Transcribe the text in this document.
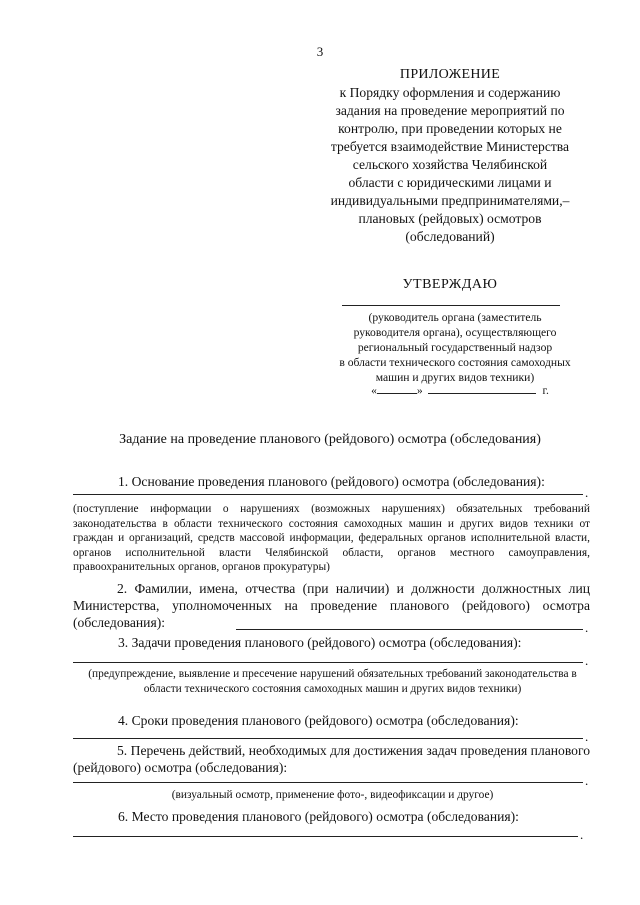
3
ПРИЛОЖЕНИЕ
к Порядку оформления и содержанию
задания на проведение мероприятий по
контролю, при проведении которых не
требуется взаимодействие Министерства
сельского хозяйства Челябинской
области с юридическими лицами и
индивидуальными предпринимателями,–
плановых (рейдовых) осмотров
(обследований)
УТВЕРЖДАЮ
(руководитель органа (заместитель
руководителя органа), осуществляющего
региональный государственный надзор
в области технического состояния самоходных
машин и других видов техники)
«	»	г.
Задание на проведение планового (рейдового) осмотра (обследования)
1. Основание проведения планового (рейдового) осмотра (обследования):
.
(поступление информации о нарушениях (возможных нарушениях) обязательных требований законодательства в области технического состояния самоходных машин и других видов техники от граждан и организаций, средств массовой информации, федеральных органов исполнительной власти, органов исполнительной власти Челябинской области, органов местного самоуправления, правоохранительных органов, органов прокуратуры)
2. Фамилии, имена, отчества (при наличии) и должности должностных лиц Министерства, уполномоченных на проведение планового (рейдового) осмотра (обследования):	.
3. Задачи проведения планового (рейдового) осмотра (обследования):
.
(предупреждение, выявление и пресечение нарушений обязательных требований законодательства в области технического состояния самоходных машин и других видов техники)
4. Сроки проведения планового (рейдового) осмотра (обследования):
.
5. Перечень действий, необходимых для достижения задач проведения планового (рейдового) осмотра (обследования):
.
(визуальный осмотр, применение фото-, видеофиксации и другое)
6. Место проведения планового (рейдового) осмотра (обследования):
.
